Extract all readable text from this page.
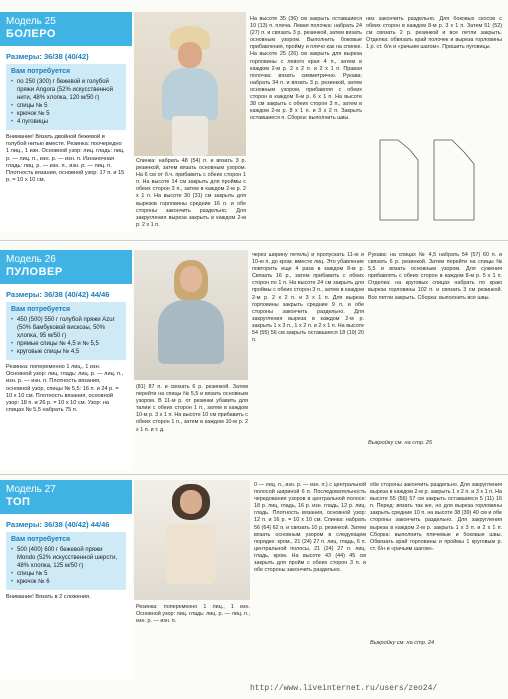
Модель 25
БОЛЕРО
Размеры: 36/38 (40/42)
Вам потребуется
• по 250 (300) г бежевой и голубой пряжи Angora (52% искусственной нити, 48% хлопка, 120 м/50 г)
• спицы № 5
• крючок № 5
• 4 пуговицы
Внимание! Вязать двойной бежевой и голубой нитью вместе. Резинка: поочередно 1 лиц., 1 изн. Основной узор: лиц. гладь: лиц. р. — лиц. п., изн. р. — изн. п. Изнаночная гладь: лиц. р. — изн. п., изн. р. — лиц. п. Плотность вязания, основной узор: 17 п. и 15 р. = 10 х 10 см.
Спинка: набрать 48 (54) п. и вязать 3 р. резинкой, затем вязать основным узором. На 6 см от б.ч. прибавить с обеих сторон 1 п. На высоте 14 см закрыть для проймы с обеих сторон 3 п., затем в каждом 2-м р. 2 х 1 п. На высоте 30 (31) см закрыть для вырезов горловины средние 16 п. и обе стороны закончить раздельно. Для закругления выреза закрыть в каждом 2-м р. 2 х 1 п.
На высоте 35 (36) см закрыть оставшиеся 10 (13) п. плеча. Левая полочка: набрать 24 (27) п. и связать 3 р. резинкой, затем вязать основным узором. Выполнить боковые прибавления, пройму и плечо как на спинке. На высоте 25 (26) см закрыть для выреза горловины с левого края 4 п., затем в каждом 2-м р. 2 х 2 п. и 2 х 1 п. Правая полочка: вязать симметрично. Рукава: набрать 34 п. и вязать 3 р. резинкой, затем основным узором, прибавляя с обеих сторон в каждом 6-м р. 6 х 1 п. На высоте 38 см закрыть с обеих сторон 3 п., затем в каждом 2-м р. 8 х 1 п. и 3 х 2 п. Закрыть оставшиеся п. Сборка: выполнить швы.
низ закончить раздельно. Для боковых скосов с обеих сторон в каждом 8-м р. 3 х 1 п. Затем 51 (52) см связать 2 р. резинкой и все петли закрыть. Отделка: обвязать край полочек и выреза горловины 1 р. ст. б/н и «рачьим шагом». Пришить пуговицы.
Модель 26
ПУЛОВЕР
Размеры: 36/38 (40/42) 44/46
Вам потребуется
• 450 (500) 550 г голубой пряжи Azur (50% бамбуковой вискозы, 50% хлопка, 95 м/50 г)
• прямые спицы № 4,5 и № 5,5
• круговые спицы № 4,5
Резинка: попеременно 1 лиц., 1 изн. Основной узор: лиц. гладь: лиц. р. — лиц. п., изн. р. — изн. п. Плотность вязания, основной узор, спицы № 5,5: 16 п. и 24 р. = 10 х 10 см. Плотность вязания, основной узор: 18 п. и 26 р. = 10 х 10 см. Узор: на спицах № 5,5 набрать 75 п.
(81) 87 п. и связать 6 р. резинкой. Затем перейти на спицы № 5,5 и вязать основным узором. В 11-м р. от резинки убавить для талии с обеих сторон 1 п., затем в каждом 10-м р. 3 х 1 п. На высоте 10 см прибавить с обеих сторон 1 п., затем в каждом 10-м р. 2 х 1 п. и т. д.
через ширину петель) и пропускать 11-ю и 10-ю п. до кром. вместе лиц. Это убавление повторить еще 4 раза в каждом 8-м р. Связать 16 р., затем прибавить с обеих сторон по 1 п. На высоте 24 см закрыть для проймы с обеих сторон 3 п., затем в каждом 2-м р. 2 х 2 п. и 3 х 1 п. Для выреза горловины закрыть средние 9 п. и обе стороны закончить раздельно. Для закругления выреза в каждом 2-м р. закрыть 1 х 3 п., 1 х 2 п. и 2 х 1 п. На высоте 54 (55) 56 см закрыть оставшиеся 18 (19) 20 п.
Рукава: на спицах № 4,5 набрать 54 (57) 60 п. и связать 6 р. резинкой. Затем перейти на спицы № 5,5 и вязать основным узором. Для сужения прибавлять с обеих сторон в каждом 8-м р. 5 х 1 п. Отделка: на круговых спицах набрать по краю выреза горловины 102 п. и связать 3 см резинкой. Все петли закрыть. Сборка: выполнить все швы.
Выкройку см. на стр. 25
Модель 27
ТОП
Размеры: 36/38 (40/42) 44/46
Вам потребуется
• 500 (400) 600 г бежевой пряжи Mondo (52% искусственной шерсти, 48% хлопка, 125 м/50 г)
• спицы № 5
• крючок № 6
Внимание! Вязать в 2 сложения.
Резинка: попеременно 1 лиц., 1 изн. Основной узор: лиц. гладь: лиц. р. — лиц. п., изн. р. — изн. п.
0 — лиц. п., изн. р. — изн. п.) с центральной полосой шириной 6 п. Последовательность чередования узоров в центральной полосе: 18 р. лиц. гладь, 16 р. изн. гладь, 12 р. лиц. гладь. Плотность вязания, основной узор: 12 п. и 16 р. = 10 х 10 см. Спинка: набрать 56 (64) 62 п. и связать 10 р. резинкой. Затем вязать основным узором в следующем порядке: кром., 21 (24) 27 п. лиц. гладь, 6 п. центральной полосы, 21 (24) 27 п. лиц. гладь, кром. На высоте 43 (44) 45 см закрыть для пройм с обеих сторон 3 п. и обе стороны закончить раздельно.
обе стороны закончить раздельно. Для закругления выреза в каждом 2-м р. закрыть 1 х 2 п. и 3 х 1 п. На высоте 55 (56) 57 см закрыть оставшиеся 5 (11) 16 п. Перед: вязать так же, но для выреза горловины закрыть средние 10 п. на высоте 38 (39) 40 см и обе стороны закончить раздельно. Для закругления выреза в каждом 2-м р. закрыть 1 х 3 п. и 2 х 1 п. Сборка: выполнить плечевые и боковые швы. Обвязать край горловины и проймы 1 круговым р. ст. б/н и «рачьим шагом».
Выкройку см. на стр. 24
http://www.liveinternet.ru/users/zeo24/
